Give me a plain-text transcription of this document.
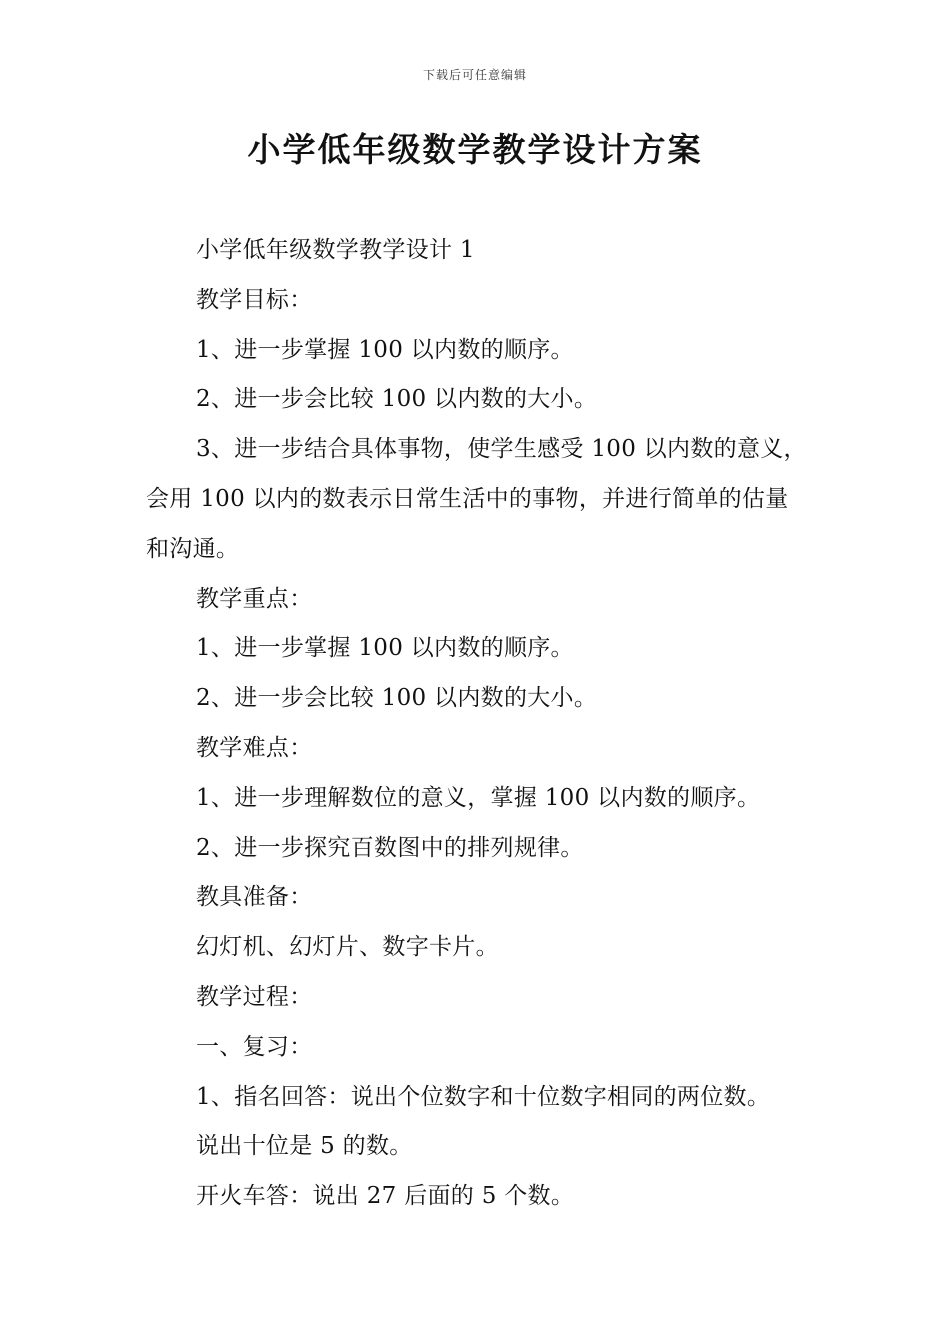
下载后可任意编辑
小学低年级数学教学设计方案

小学低年级数学教学设计 1

教学目标：

1、进一步掌握 100 以内数的顺序。

2、进一步会比较 100 以内数的大小。

3、进一步结合具体事物，使学生感受 100 以内数的意义，会用 100 以内的数表示日常生活中的事物，并进行简单的估量和沟通。

教学重点：

1、进一步掌握 100 以内数的顺序。

2、进一步会比较 100 以内数的大小。

教学难点：

1、进一步理解数位的意义，掌握 100 以内数的顺序。

2、进一步探究百数图中的排列规律。

教具准备：

幻灯机、幻灯片、数字卡片。

教学过程：

一、复习：

1、指名回答：说出个位数字和十位数字相同的两位数。

说出十位是 5 的数。

开火车答：说出 27 后面的 5 个数。
